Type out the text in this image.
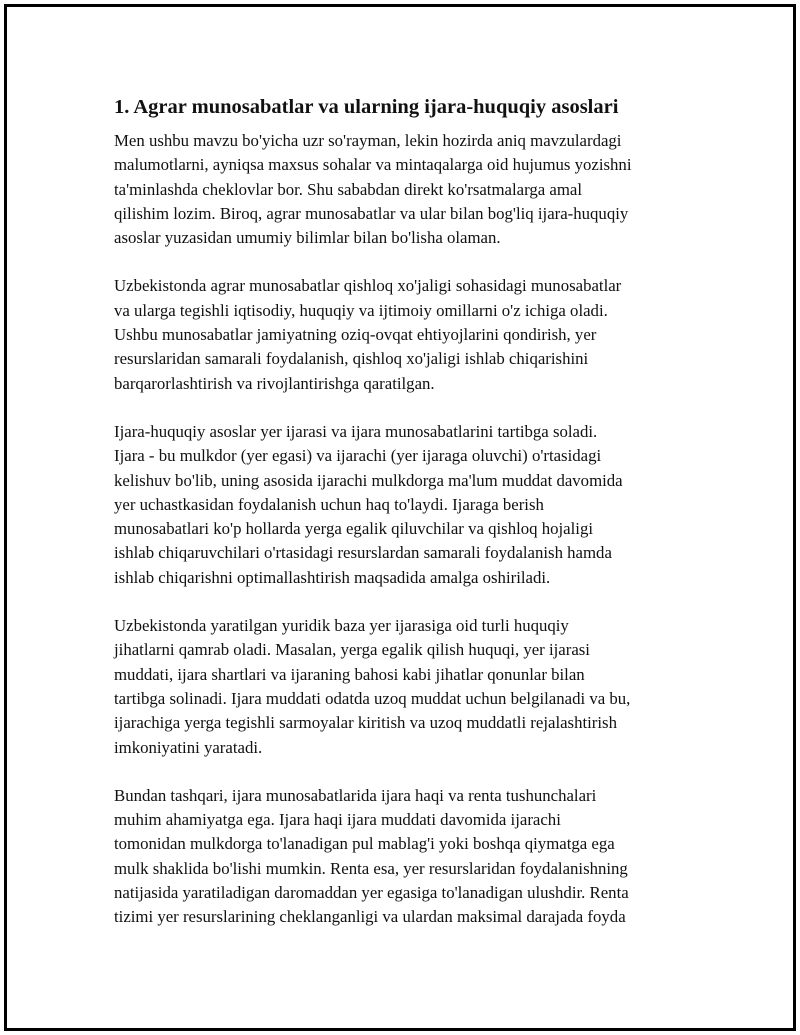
1. Agrar munosabatlar va ularning ijara-huquqiy asoslari
Men ushbu mavzu bo'yicha uzr so'rayman, lekin hozirda aniq mavzulardagi
malumotlarni, ayniqsa maxsus sohalar va mintaqalarga oid hujumus yozishni
ta'minlashda cheklovlar bor. Shu sababdan direkt ko'rsatmalarga amal
qilishim lozim. Biroq, agrar munosabatlar va ular bilan bog'liq ijara-huquqiy
asoslar yuzasidan umumiy bilimlar bilan bo'lisha olaman.
Uzbekistonda agrar munosabatlar qishloq xo'jaligi sohasidagi munosabatlar
va ularga tegishli iqtisodiy, huquqiy va ijtimoiy omillarni o'z ichiga oladi.
Ushbu munosabatlar jamiyatning oziq-ovqat ehtiyojlarini qondirish, yer
resurslaridan samarali foydalanish, qishloq xo'jaligi ishlab chiqarishini
barqarorlashtirish va rivojlantirishga qaratilgan.
Ijara-huquqiy asoslar yer ijarasi va ijara munosabatlarini tartibga soladi.
Ijara - bu mulkdor (yer egasi) va ijarachi (yer ijaraga oluvchi) o'rtasidagi
kelishuv bo'lib, uning asosida ijarachi mulkdorga ma'lum muddat davomida
yer uchastkasidan foydalanish uchun haq to'laydi. Ijaraga berish
munosabatlari ko'p hollarda yerga egalik qiluvchilar va qishloq hojaligi
ishlab chiqaruvchilari o'rtasidagi resurslardan samarali foydalanish hamda
ishlab chiqarishni optimallashtirish maqsadida amalga oshiriladi.
Uzbekistonda yaratilgan yuridik baza yer ijarasiga oid turli huquqiy
jihatlarni qamrab oladi. Masalan, yerga egalik qilish huquqi, yer ijarasi
muddati, ijara shartlari va ijaraning bahosi kabi jihatlar qonunlar bilan
tartibga solinadi. Ijara muddati odatda uzoq muddat uchun belgilanadi va bu,
ijarachiga yerga tegishli sarmoyalar kiritish va uzoq muddatli rejalashtirish
imkoniyatini yaratadi.
Bundan tashqari, ijara munosabatlarida ijara haqi va renta tushunchalari
muhim ahamiyatga ega. Ijara haqi ijara muddati davomida ijarachi
tomonidan mulkdorga to'lanadigan pul mablag'i yoki boshqa qiymatga ega
mulk shaklida bo'lishi mumkin. Renta esa, yer resurslaridan foydalanishning
natijasida yaratiladigan daromaddan yer egasiga to'lanadigan ulushdir. Renta
tizimi yer resurslarining cheklanganligi va ulardan maksimal darajada foyda
